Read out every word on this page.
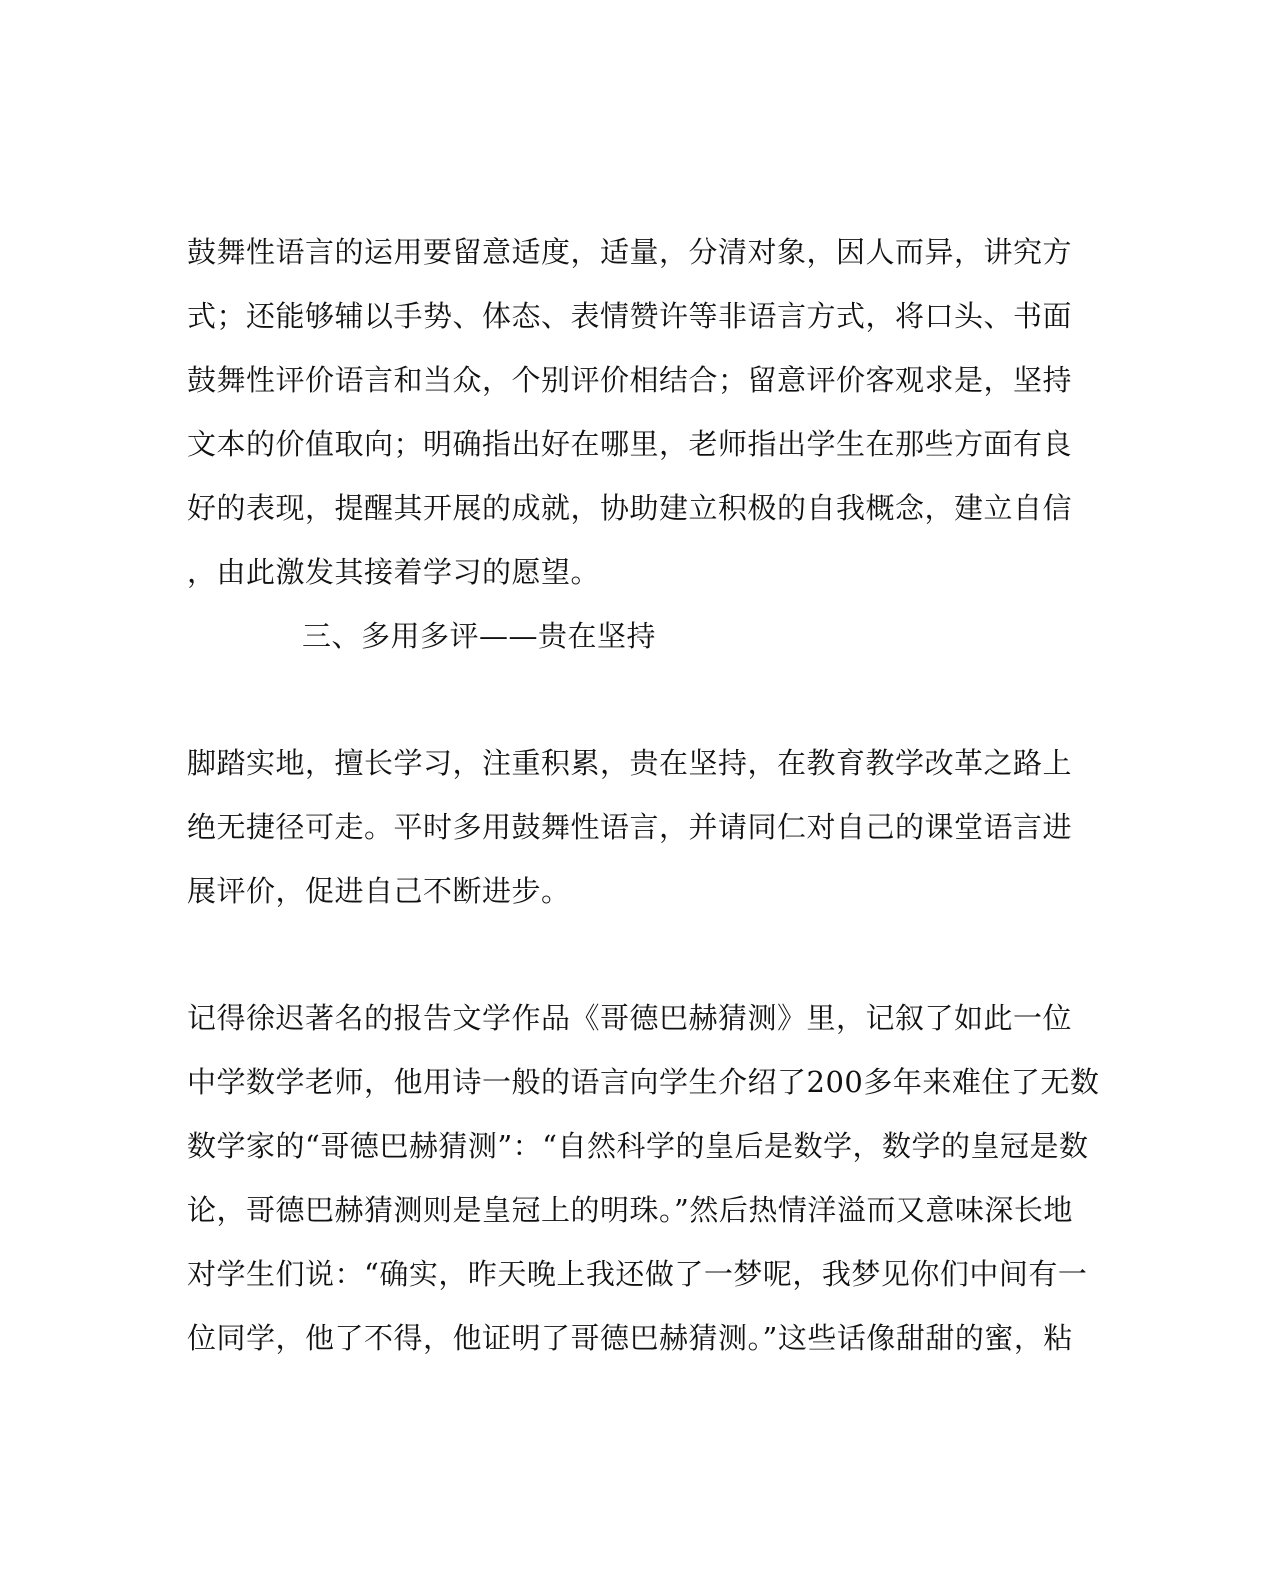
鼓舞性语言的运用要留意适度，适量，分清对象，因人而异，讲究方
式；还能够辅以手势、体态、表情赞许等非语言方式，将口头、书面
鼓舞性评价语言和当众，个别评价相结合；留意评价客观求是，坚持
文本的价值取向；明确指出好在哪里，老师指出学生在那些方面有良
好的表现，提醒其开展的成就，协助建立积极的自我概念，建立自信
，由此激发其接着学习的愿望。
三、多用多评——贵在坚持
脚踏实地，擅长学习，注重积累，贵在坚持，在教育教学改革之路上
绝无捷径可走。平时多用鼓舞性语言，并请同仁对自己的课堂语言进
展评价，促进自己不断进步。
记得徐迟著名的报告文学作品《哥德巴赫猜测》里，记叙了如此一位
中学数学老师，他用诗一般的语言向学生介绍了200多年来难住了无数
数学家的“哥德巴赫猜测”：“自然科学的皇后是数学，数学的皇冠是数
论，哥德巴赫猜测则是皇冠上的明珠。”然后热情洋溢而又意味深长地
对学生们说：“确实，昨天晚上我还做了一梦呢，我梦见你们中间有一
位同学，他了不得，他证明了哥德巴赫猜测。”这些话像甜甜的蜜，粘
